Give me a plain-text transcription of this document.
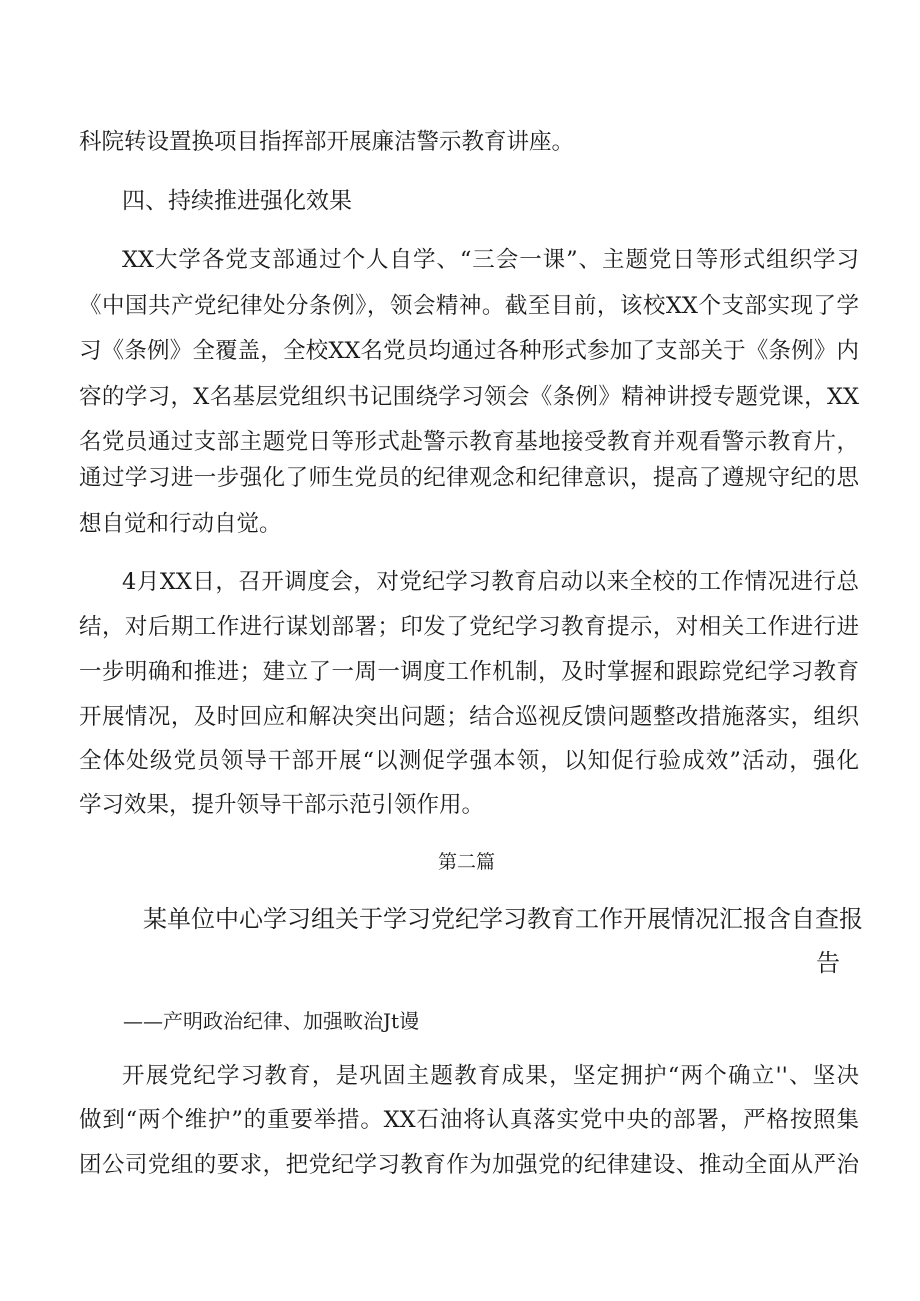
科院转设置换项目指挥部开展廉洁警示教育讲座。
四、持续推进强化效果
XX大学各党支部通过个人自学、“三会一课”、主题党日等形式组织学习
《中国共产党纪律处分条例》，领会精神。截至目前，该校XX个支部实现了学
习《条例》全覆盖，全校XX名党员均通过各种形式参加了支部关于《条例》内
容的学习，X名基层党组织书记围绕学习领会《条例》精神讲授专题党课，XX
名党员通过支部主题党日等形式赴警示教育基地接受教育并观看警示教育片，
通过学习进一步强化了师生党员的纪律观念和纪律意识，提高了遵规守纪的思
想自觉和行动自觉。
4月XX日，召开调度会，对党纪学习教育启动以来全校的工作情况进行总
结，对后期工作进行谋划部署；印发了党纪学习教育提示，对相关工作进行进
一步明确和推进；建立了一周一调度工作机制，及时掌握和跟踪党纪学习教育
开展情况，及时回应和解决突出问题；结合巡视反馈问题整改措施落实，组织
全体处级党员领导干部开展“以测促学强本领，以知促行验成效”活动，强化
学习效果，提升领导干部示范引领作用。
第二篇
某单位中心学习组关于学习党纪学习教育工作开展情况汇报含自查报
告
——产明政治纪律、加强畋治Jt谩
开展党纪学习教育，是巩固主题教育成果，坚定拥护“两个确立''、坚决
做到“两个维护”的重要举措。XX石油将认真落实党中央的部署，严格按照集
团公司党组的要求，把党纪学习教育作为加强党的纪律建设、推动全面从严治
